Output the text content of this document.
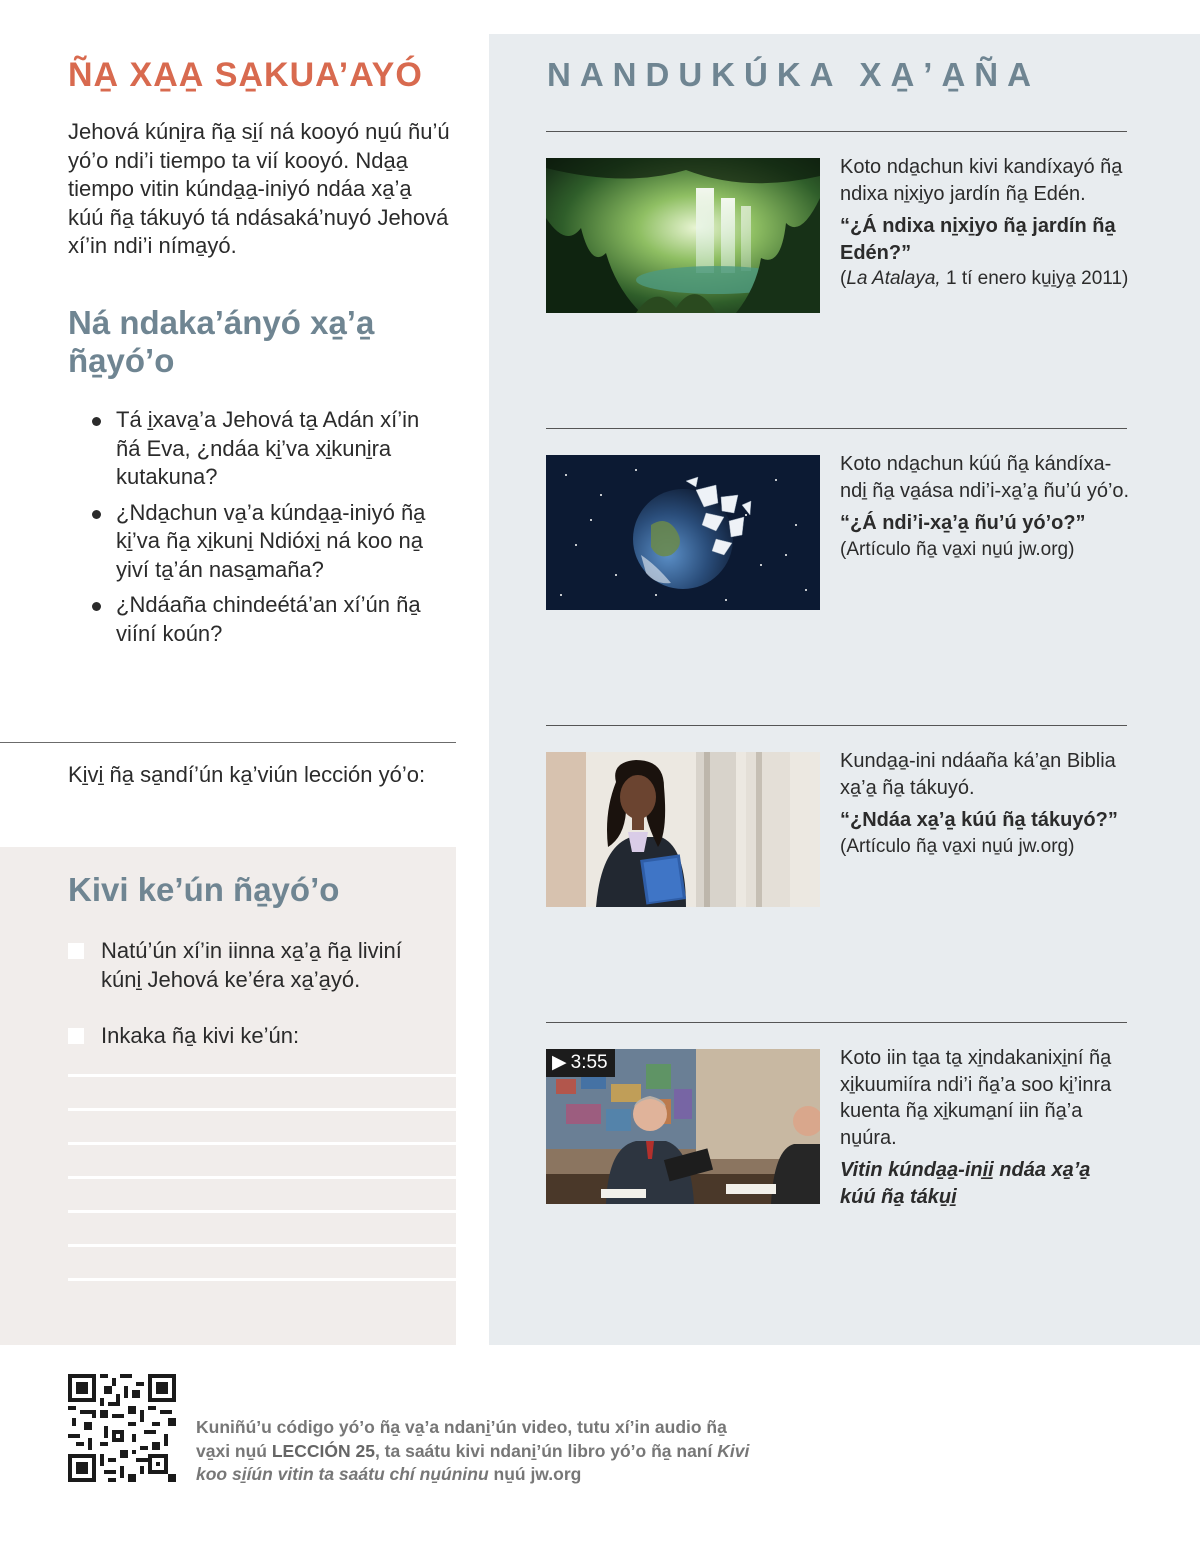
ÑA̱ XA̱A̱ SA̱KUA’AYÓ

Jehová kúni̱ra ña̱ si̱í ná kooyó nu̱ú ñu’ú yó’o ndi’i tiempo ta vií kooyó. Nda̱a̱ tiempo vitin kúnda̱a̱-iniyó ndáa xa̱’a̱ kúú ña̱ tákuyó tá ndásaká’nuyó Jehová xí’in ndi’i níma̱yó.

Ná ndaka’ányó xa̱’a̱ ña̱yó’o
Tá i̱xava̱’a Jehová ta̱ Adán xí’in ñá Eva, ¿ndáa ki̱’va xi̱kuni̱ra kutakuna?
¿Nda̱chun va̱’a kúnda̱a̱-iniyó ña̱ ki̱’va ña̱ xi̱kuni̱ Ndióxi̱ ná koo na̱ yiví ta̱’án nasa̱maña?
¿Ndáaña chindeétá’an xí’ún ña̱ viíní koún?

Ki̱vi̱ ña̱ sa̱ndí’ún ka̱’viún lección yó’o:

Kivi ke’ún ña̱yó’o
Natú’ún xí’in iinna xa̱’a̱ ña̱ liviní kúni̱ Jehová ke’éra xa̱’a̱yó.
Inkaka ña̱ kivi ke’ún:
NANDUKÚKA XA̱’A̱ÑA
Koto nda̱chun kivi kandíxayó ña̱ ndixa ni̱xi̱yo jardín ña̱ Edén.
“¿Á ndixa ni̱xi̱yo ña̱ jardín ña̱ Edén?”
(La Atalaya, 1 tí enero ku̱i̱ya̱ 2011)
Koto nda̱chun kúú ña̱ kándíxa-ndi̱ ña̱ va̱ása ndi’i-xa̱’a̱ ñu’ú yó’o.
“¿Á ndi’i-xa̱’a̱ ñu’ú yó’o?”
(Artículo ña̱ va̱xi nu̱ú jw.org)
Kunda̱a̱-ini ndáaña ká’a̱n Biblia xa̱’a̱ ña̱ tákuyó.
“¿Ndáa xa̱’a̱ kúú ña̱ tákuyó?”
(Artículo ña̱ va̱xi nu̱ú jw.org)
▶ 3:55	Koto iin ta̱a ta̱ xi̱ndakanixi̱ní ña̱ xi̱kuumiíra ndi’i ña̱’a soo ki̱’inra kuenta ña̱ xi̱kuma̱ní iin ña̱’a nu̱úra.
Vitin kúnda̱a̱-ini̱i̱ ndáa xa̱’a̱ kúú ña̱ táku̱i̱

Kuniñú’u código yó’o ña̱ va̱’a ndani̱’ún video, tutu xí’in audio ña̱ va̱xi nu̱ú LECCIÓN 25, ta saátu kivi ndani̱’ún libro yó’o ña̱ naní Kivi koo si̱íún vitin ta saátu chí nu̱úninu nu̱ú jw.org
